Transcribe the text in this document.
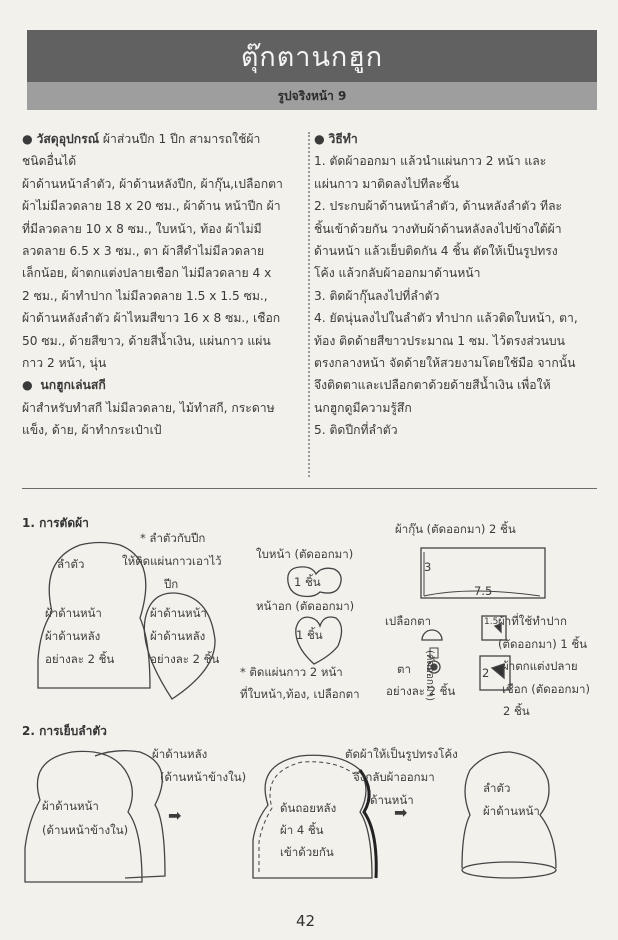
ตุ๊กตานกฮูก
รูปจริงหน้า 9

● วัสดุอุปกรณ์ ผ้าส่วนปีก 1 ปีก สามารถใช้ผ้า

ชนิดอื่นได้

ผ้าด้านหน้าลำตัว, ผ้าด้านหลังปีก, ผ้ากุ๊น,เปลือกตา

ผ้าไม่มีลวดลาย 18 x 20 ซม., ผ้าด้าน หน้าปีก ผ้า

ที่มีลวดลาย 10 x 8 ซม., ใบหน้า, ท้อง ผ้าไม่มี

ลวดลาย 6.5 x 3 ซม., ตา ผ้าสีดำไม่มีลวดลาย

เล็กน้อย, ผ้าตกแต่งปลายเชือก ไม่มีลวดลาย 4 x

2 ซม., ผ้าทำปาก ไม่มีลวดลาย 1.5 x 1.5 ซม.,

ผ้าด้านหลังลำตัว ผ้าไหมสีขาว 16 x 8 ซม., เชือก

50 ซม., ด้ายสีขาว, ด้ายสีน้ำเงิน, แผ่นกาว แผ่น

กาว 2 หน้า, นุ่น

●  นกฮูกเล่นสกี

ผ้าสำหรับทำสกี ไม่มีลวดลาย, ไม้ทำสกี, กระดาษ

แข็ง, ด้าย, ผ้าทำกระเป๋าเป้

● วิธีทำ

1. ตัดผ้าออกมา แล้วนำแผ่นกาว 2 หน้า และ

แผ่นกาว มาติดลงไปทีละชิ้น

2. ประกบผ้าด้านหน้าลำตัว, ด้านหลังลำตัว ทีละ

ชิ้นเข้าด้วยกัน วางทับผ้าด้านหลังลงไปข้างใต้ผ้า

ด้านหน้า แล้วเย็บติดกัน 4 ชิ้น ตัดให้เป็นรูปทรง

โค้ง แล้วกลับผ้าออกมาด้านหน้า

3. ติดผ้ากุ๊นลงไปที่ลำตัว

4. ยัดนุ่นลงไปในลำตัว ทำปาก แล้วติดใบหน้า, ตา,

ท้อง ติดด้ายสีขาวประมาณ 1 ซม. ไว้ตรงส่วนบน

ตรงกลางหน้า จัดด้ายให้สวยงามโดยใช้มือ จากนั้น

จึงติดตาและเปลือกตาด้วยด้ายสีน้ำเงิน เพื่อให้

นกฮูกดูมีความรู้สึก

5. ติดปีกที่ลำตัว

1. การตัดผ้า
ลำตัว
ผ้าด้านหน้า
ผ้าด้านหลัง
อย่างละ 2 ชิ้น
* ลำตัวกับปีก
ให้ติดแผ่นกาวเอาไว้
ปีก
ผ้าด้านหน้า
ผ้าด้านหลัง
อย่างละ 2 ชิ้น
ใบหน้า (ตัดออกมา)
1 ชิ้น
หน้าอก (ตัดออกมา)
1 ชิ้น
* ติดแผ่นกาว 2 หน้า
ที่ใบหน้า,ท้อง, เปลือกตา
ผ้ากุ๊น (ตัดออกมา) 2 ชิ้น
3
7.5
เปลือกตา
ตา
อย่างละ 2 ชิ้น
(ตัดออกมา)
ผ้าที่ใช้ทำปาก
(ตัดออกมา) 1 ชิ้น
1.5
ผ้าตกแต่งปลาย
เชือก (ตัดออกมา)
2 ชิ้น
2
2. การเย็บลำตัว
ผ้าด้านหลัง
(ด้านหน้าข้างใน)
ผ้าด้านหน้า
(ด้านหน้าข้างใน)
➡	ด้นถอยหลัง
ผ้า 4 ชิ้น
เข้าด้วยกัน
ตัดผ้าให้เป็นรูปทรงโค้ง
จึงกลับผ้าออกมา
ด้านหน้า
➡
ลำตัว
ผ้าด้านหน้า
42
